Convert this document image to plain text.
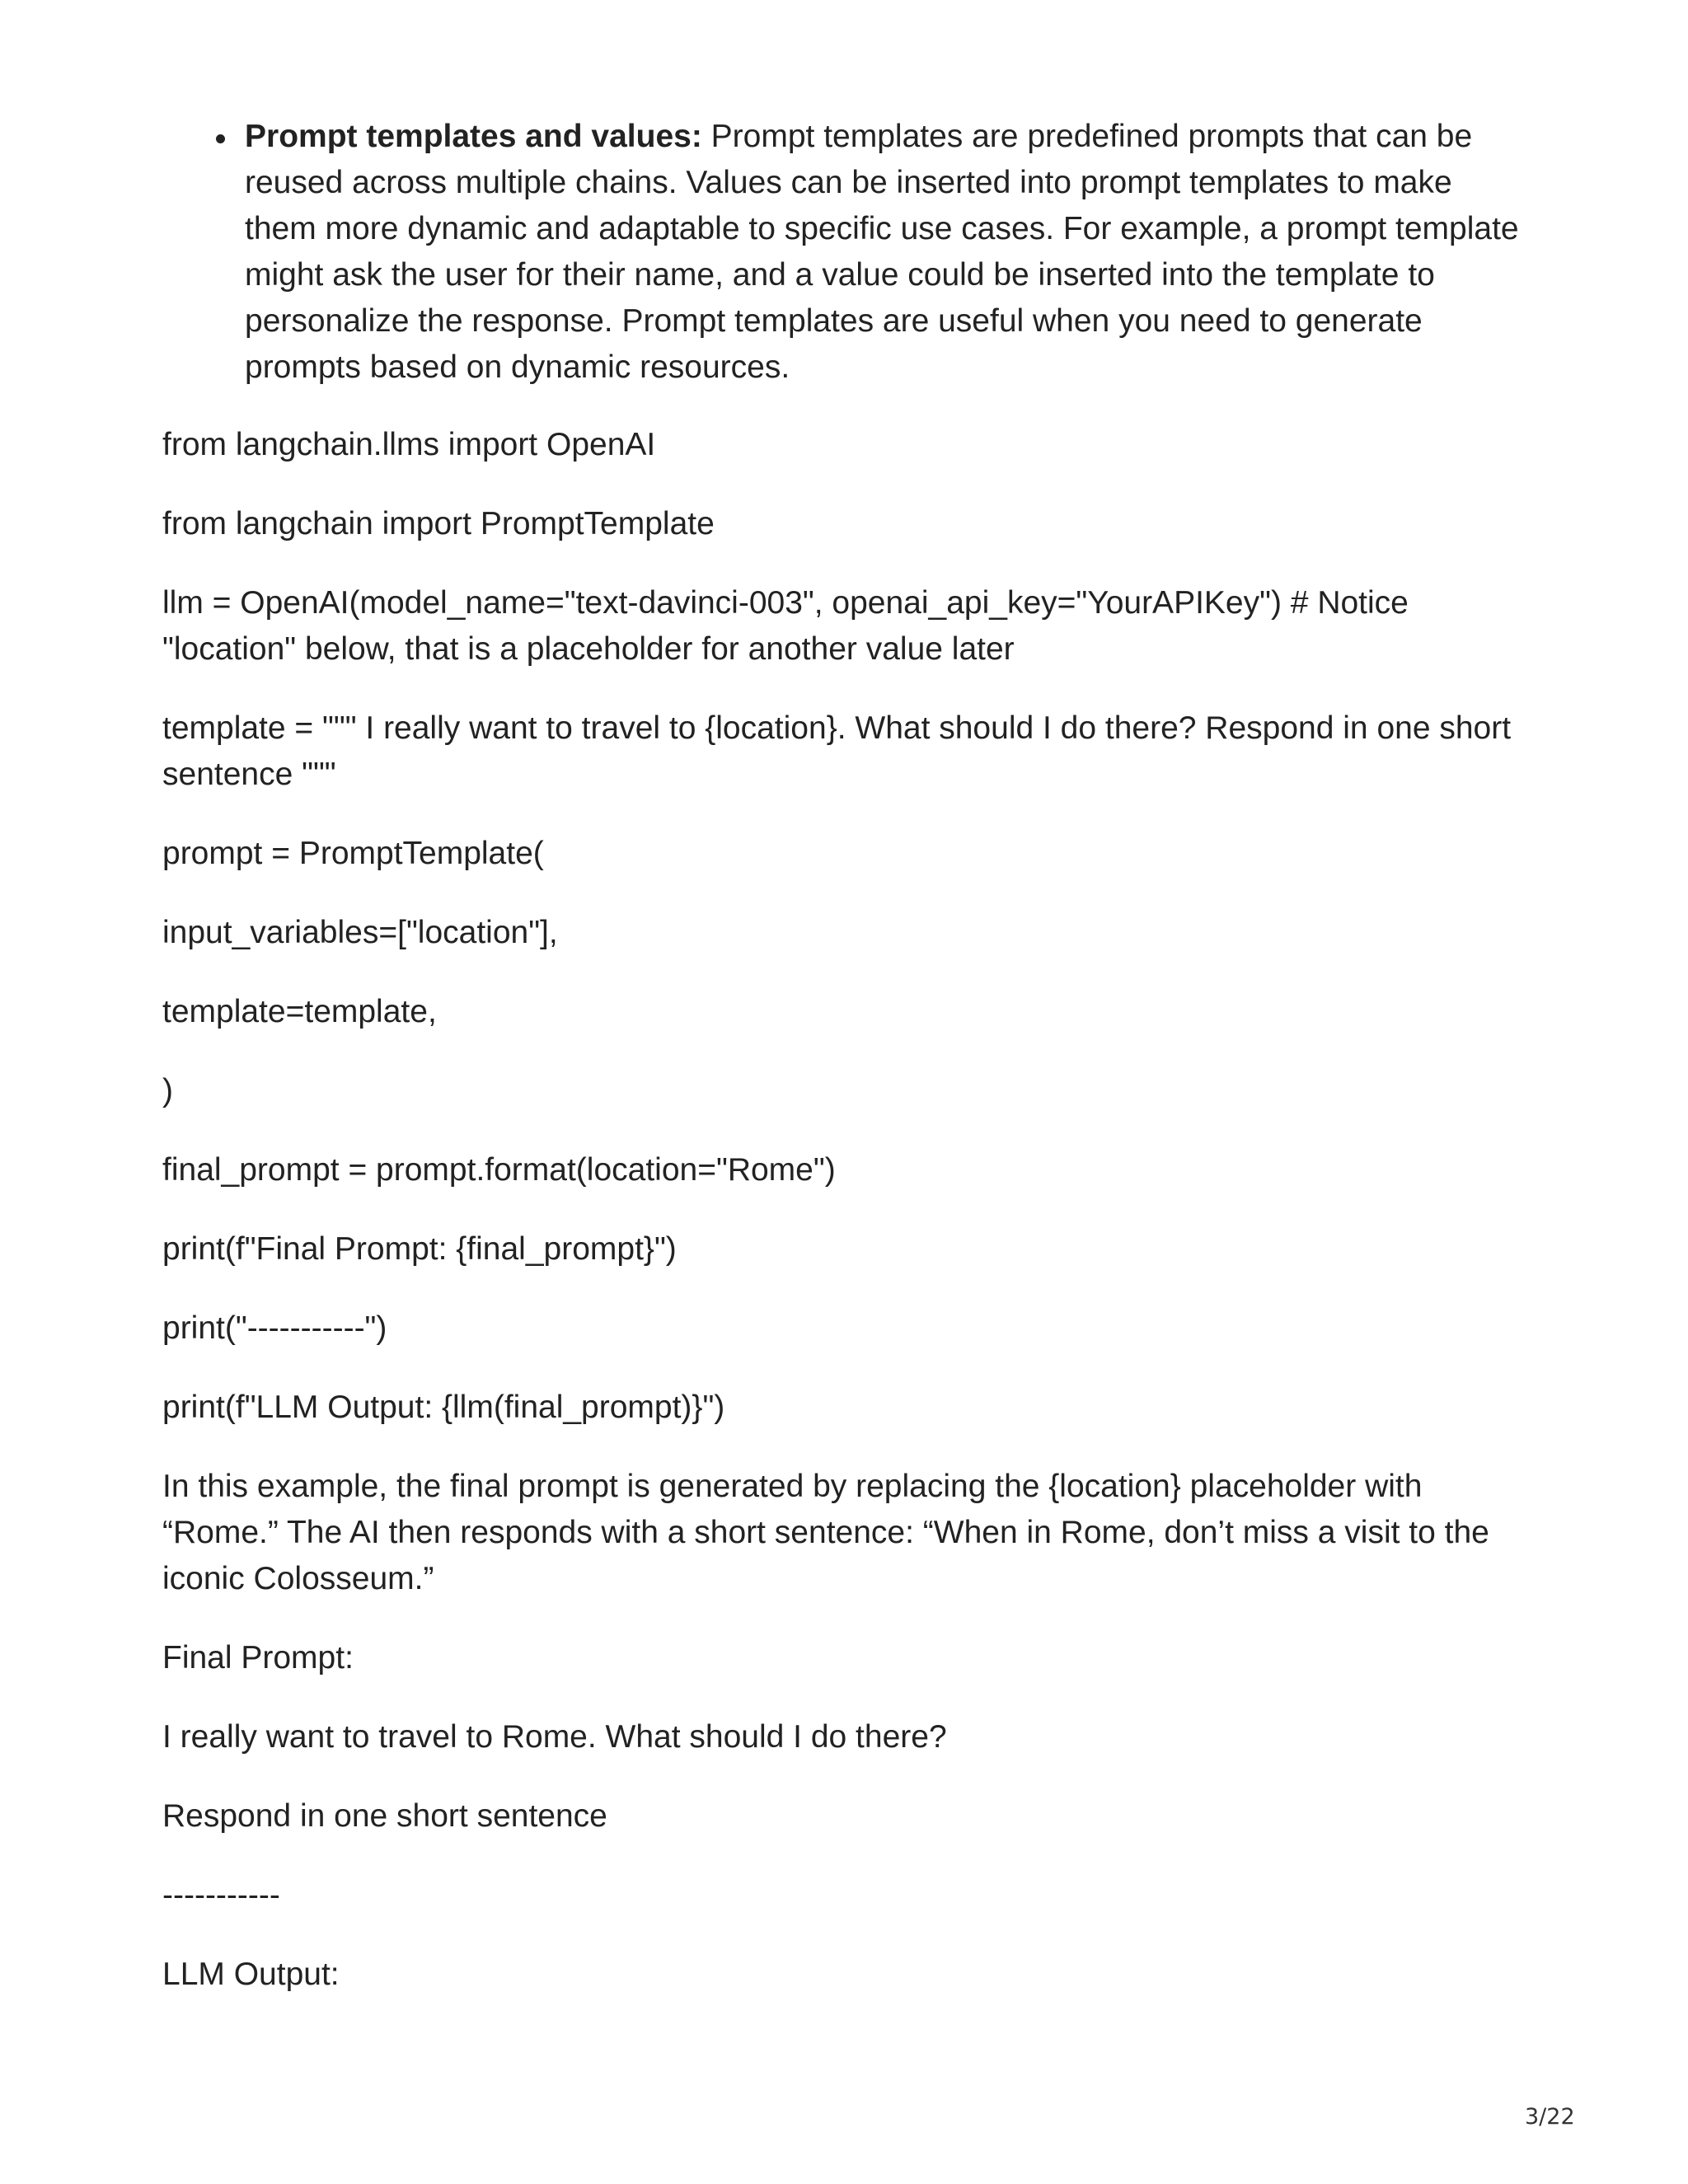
Prompt templates and values: Prompt templates are predefined prompts that can be reused across multiple chains. Values can be inserted into prompt templates to make them more dynamic and adaptable to specific use cases. For example, a prompt template might ask the user for their name, and a value could be inserted into the template to personalize the response. Prompt templates are useful when you need to generate prompts based on dynamic resources.

from langchain.llms import OpenAI

from langchain import PromptTemplate

llm = OpenAI(model_name="text-davinci-003", openai_api_key="YourAPIKey") # Notice "location" below, that is a placeholder for another value later

template = """ I really want to travel to {location}. What should I do there? Respond in one short sentence """

prompt = PromptTemplate(

input_variables=["location"],

template=template,

)

final_prompt = prompt.format(location="Rome")

print(f"Final Prompt: {final_prompt}")

print("-----------")

print(f"LLM Output: {llm(final_prompt)}")

In this example, the final prompt is generated by replacing the {location} placeholder with “Rome.” The AI then responds with a short sentence: “When in Rome, don’t miss a visit to the iconic Colosseum.”

Final Prompt:

I really want to travel to Rome. What should I do there?

Respond in one short sentence

-----------

LLM Output:

3/22
